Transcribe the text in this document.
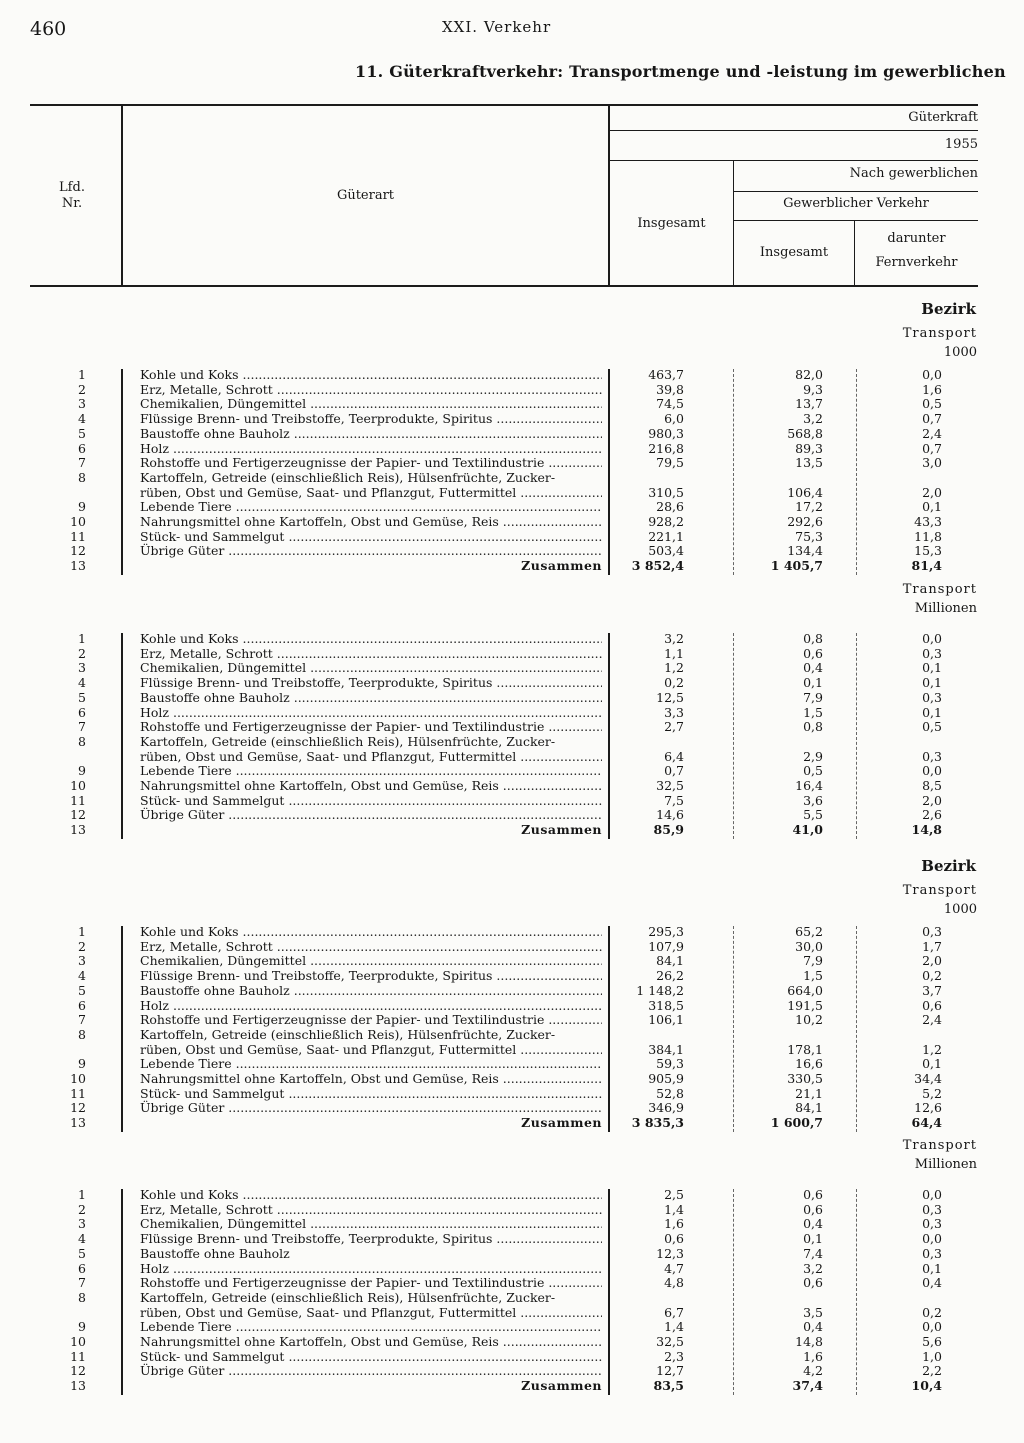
460	XXI. Verkehr
11. Güterkraftverkehr: Transportmenge und -leistung im gewerblichen
Lfd.
Nr.
Güterart
Güterkraft
1955
Nach gewerblichen
Gewerblicher Verkehr
Insgesamt
Insgesamt
darunter
Fernverkehr
Bezirk
Transport
1000
1	Kohle und Koks .....	463,7	82,0	0,0
2	Erz, Metalle, Schrott .....	39,8	9,3	1,6
3	Chemikalien, Düngemittel .....	74,5	13,7	0,5
4	Flüssige Brenn- und Treibstoffe, Teerprodukte, Spiritus .....	6,0	3,2	0,7
5	Baustoffe ohne Bauholz .....	980,3	568,8	2,4
6	Holz .....	216,8	89,3	0,7
7	Rohstoffe und Fertigerzeugnisse der Papier- und Textilindustrie .....	79,5	13,5	3,0
8	Kartoffeln, Getreide (einschließlich Reis), Hülsenfrüchte, Zucker-
rüben, Obst und Gemüse, Saat- und Pflanzgut, Futtermittel .....	310,5	106,4	2,0
9	Lebende Tiere .....	28,6	17,2	0,1
10	Nahrungsmittel ohne Kartoffeln, Obst und Gemüse, Reis .....	928,2	292,6	43,3
11	Stück- und Sammelgut .....	221,1	75,3	11,8
12	Übrige Güter .....	503,4	134,4	15,3
13	Zusammen	3 852,4	1 405,7	81,4
Transport
Millionen
1	Kohle und Koks .....	3,2	0,8	0,0
2	Erz, Metalle, Schrott .....	1,1	0,6	0,3
3	Chemikalien, Düngemittel .....	1,2	0,4	0,1
4	Flüssige Brenn- und Treibstoffe, Teerprodukte, Spiritus .....	0,2	0,1	0,1
5	Baustoffe ohne Bauholz .....	12,5	7,9	0,3
6	Holz .....	3,3	1,5	0,1
7	Rohstoffe und Fertigerzeugnisse der Papier- und Textilindustrie .....	2,7	0,8	0,5
8	Kartoffeln, Getreide (einschließlich Reis), Hülsenfrüchte, Zucker-
rüben, Obst und Gemüse, Saat- und Pflanzgut, Futtermittel .....	6,4	2,9	0,3
9	Lebende Tiere .....	0,7	0,5	0,0
10	Nahrungsmittel ohne Kartoffeln, Obst und Gemüse, Reis .....	32,5	16,4	8,5
11	Stück- und Sammelgut .....	7,5	3,6	2,0
12	Übrige Güter .....	14,6	5,5	2,6
13	Zusammen	85,9	41,0	14,8
Bezirk
Transport
1000
1	Kohle und Koks .....	295,3	65,2	0,3
2	Erz, Metalle, Schrott .....	107,9	30,0	1,7
3	Chemikalien, Düngemittel .....	84,1	7,9	2,0
4	Flüssige Brenn- und Treibstoffe, Teerprodukte, Spiritus .....	26,2	1,5	0,2
5	Baustoffe ohne Bauholz .....	1 148,2	664,0	3,7
6	Holz .....	318,5	191,5	0,6
7	Rohstoffe und Fertigerzeugnisse der Papier- und Textilindustrie .....	106,1	10,2	2,4
8	Kartoffeln, Getreide (einschließlich Reis), Hülsenfrüchte, Zucker-
rüben, Obst und Gemüse, Saat- und Pflanzgut, Futtermittel .....	384,1	178,1	1,2
9	Lebende Tiere .....	59,3	16,6	0,1
10	Nahrungsmittel ohne Kartoffeln, Obst und Gemüse, Reis .....	905,9	330,5	34,4
11	Stück- und Sammelgut .....	52,8	21,1	5,2
12	Übrige Güter .....	346,9	84,1	12,6
13	Zusammen	3 835,3	1 600,7	64,4
Transport
Millionen
1	Kohle und Koks .....	2,5	0,6	0,0
2	Erz, Metalle, Schrott .....	1,4	0,6	0,3
3	Chemikalien, Düngemittel .....	1,6	0,4	0,3
4	Flüssige Brenn- und Treibstoffe, Teerprodukte, Spiritus .....	0,6	0,1	0,0
5	Baustoffe ohne Bauholz	12,3	7,4	0,3
6	Holz .....	4,7	3,2	0,1
7	Rohstoffe und Fertigerzeugnisse der Papier- und Textilindustrie .....	4,8	0,6	0,4
8	Kartoffeln, Getreide (einschließlich Reis), Hülsenfrüchte, Zucker-
rüben, Obst und Gemüse, Saat- und Pflanzgut, Futtermittel .....	6,7	3,5	0,2
9	Lebende Tiere .....	1,4	0,4	0,0
10	Nahrungsmittel ohne Kartoffeln, Obst und Gemüse, Reis .....	32,5	14,8	5,6
11	Stück- und Sammelgut .....	2,3	1,6	1,0
12	Übrige Güter .....	12,7	4,2	2,2
13	Zusammen	83,5	37,4	10,4
